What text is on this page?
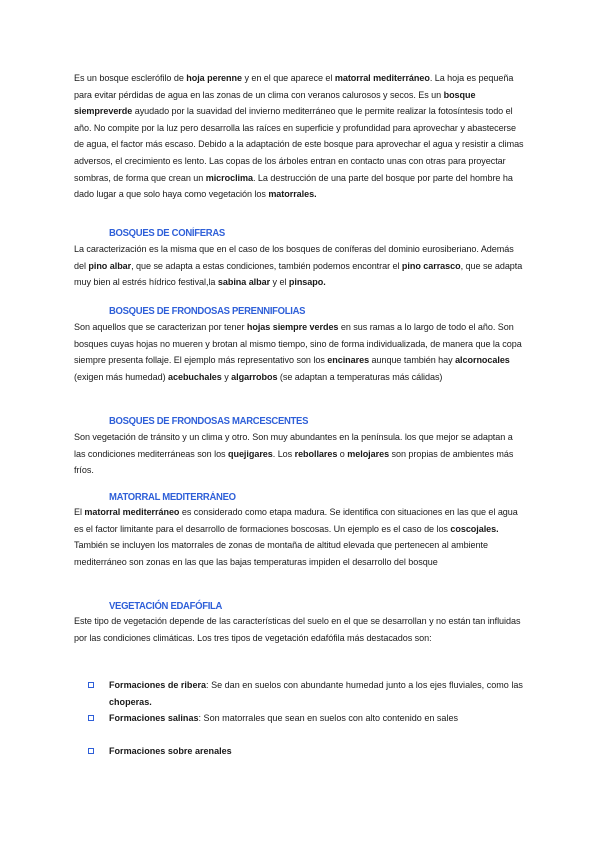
Es un bosque esclerófilo de hoja perenne y en el que aparece el matorral mediterráneo. La hoja es pequeña para evitar pérdidas de agua en las zonas de un clima con veranos calurosos y secos. Es un bosque siempreverde ayudado por la suavidad del invierno mediterráneo que le permite realizar la fotosíntesis todo el año. No compite por la luz pero desarrolla las raíces en superficie y profundidad para aprovechar y abastecerse de agua, el factor más escaso. Debido a la adaptación de este bosque para aprovechar el agua y resistir a climas adversos, el crecimiento es lento. Las copas de los árboles entran en contacto unas con otras para proyectar sombras, de forma que crean un microclima. La destrucción de una parte del bosque por parte del hombre ha dado lugar a que solo haya como vegetación los matorrales.
BOSQUES DE CONÍFERAS
La caracterización es la misma que en el caso de los bosques de coníferas del dominio eurosiberiano. Además del pino albar, que se adapta a estas condiciones, también podemos encontrar el pino carrasco, que se adapta muy bien al estrés hídrico festival,la sabina albar y el pinsapo.
BOSQUES DE FRONDOSAS PERENNIFOLIAS
Son aquellos que se caracterizan por tener hojas siempre verdes en sus ramas a lo largo de todo el año. Son bosques cuyas hojas no mueren y brotan al mismo tiempo, sino de forma individualizada, de manera que la copa siempre presenta follaje. El ejemplo más representativo son los encinares aunque también hay alcornocales (exigen más humedad) acebuchales y algarrobos (se adaptan a temperaturas más cálidas)
BOSQUES DE FRONDOSAS MARCESCENTES
Son vegetación de tránsito y un clima y otro. Son muy abundantes en la península. los que mejor se adaptan a las condiciones mediterráneas son los quejigares. Los rebollares o melojares son propias de ambientes más fríos.
MATORRAL MEDITERRÁNEO
El matorral mediterráneo es considerado como etapa madura. Se identifica con situaciones en las que el agua es el factor limitante para el desarrollo de formaciones boscosas. Un ejemplo es el caso de los coscojales. También se incluyen los matorrales de zonas de montaña de altitud elevada que pertenecen al ambiente mediterráneo son zonas en las que las bajas temperaturas impiden el desarrollo del bosque
VEGETACIÓN EDAFÓFILA
Este tipo de vegetación depende de las características del suelo en el que se desarrollan y no están tan influidas por las condiciones climáticas. Los tres tipos de vegetación edafófila más destacados son:
Formaciones de ribera: Se dan en suelos con abundante humedad junto a los ejes fluviales, como las choperas.
Formaciones salinas: Son matorrales que sean en suelos con alto contenido en sales
Formaciones sobre arenales
